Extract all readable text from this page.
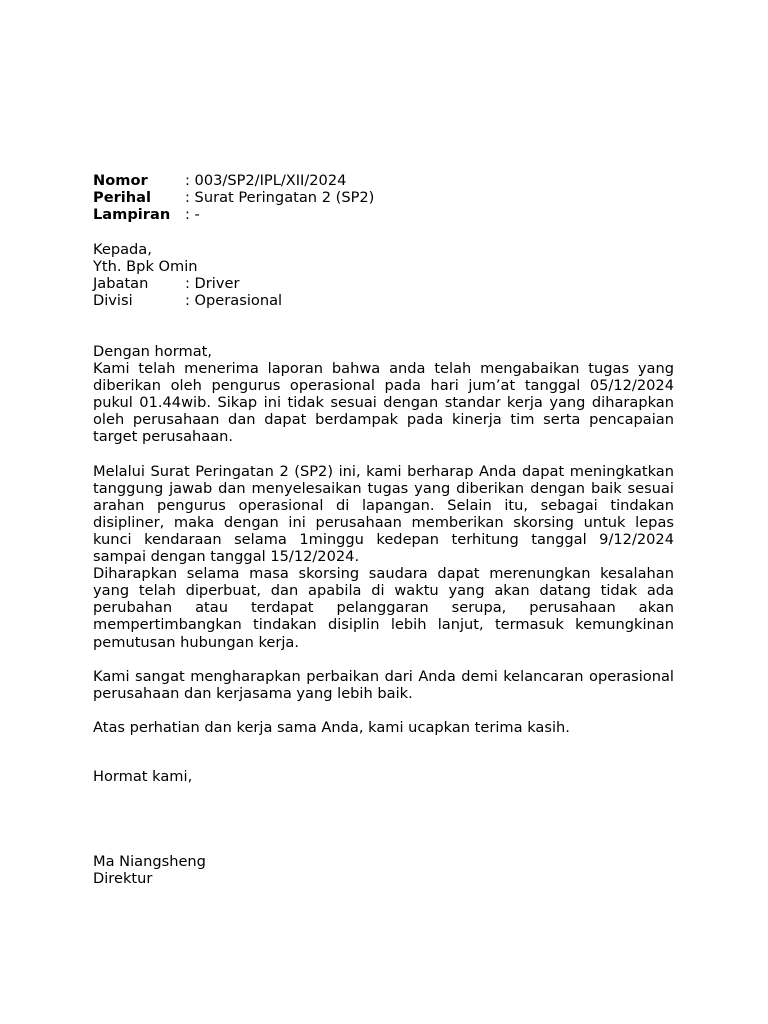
Nomor	: 003/SP2/IPL/XII/2024
Perihal	: Surat Peringatan 2 (SP2)
Lampiran	: -
Kepada,
Yth. Bpk Omin
Jabatan	: Driver
Divisi	: Operasional

Dengan hormat,

Kami telah menerima laporan bahwa anda telah mengabaikan tugas yang diberikan oleh pengurus operasional pada hari jum’at tanggal 05/12/2024 pukul 01.44wib. Sikap ini tidak sesuai dengan standar kerja yang diharapkan oleh perusahaan dan dapat berdampak pada kinerja tim serta pencapaian target perusahaan.

Melalui Surat Peringatan 2 (SP2) ini, kami berharap Anda dapat meningkatkan tanggung jawab dan menyelesaikan tugas yang diberikan dengan baik sesuai arahan pengurus operasional di lapangan. Selain itu, sebagai tindakan disipliner, maka dengan ini perusahaan memberikan skorsing untuk lepas kunci kendaraan selama 1minggu kedepan terhitung tanggal 9/12/2024 sampai dengan tanggal 15/12/2024.

Diharapkan selama masa skorsing saudara dapat merenungkan kesalahan yang telah diperbuat, dan apabila di waktu yang akan datang tidak ada perubahan atau terdapat pelanggaran serupa, perusahaan akan mempertimbangkan tindakan disiplin lebih lanjut, termasuk kemungkinan pemutusan hubungan kerja.

Kami sangat mengharapkan perbaikan dari Anda demi kelancaran operasional perusahaan dan kerjasama yang lebih baik.

Atas perhatian dan kerja sama Anda, kami ucapkan terima kasih.

Hormat kami,
Ma Niangsheng
Direktur
